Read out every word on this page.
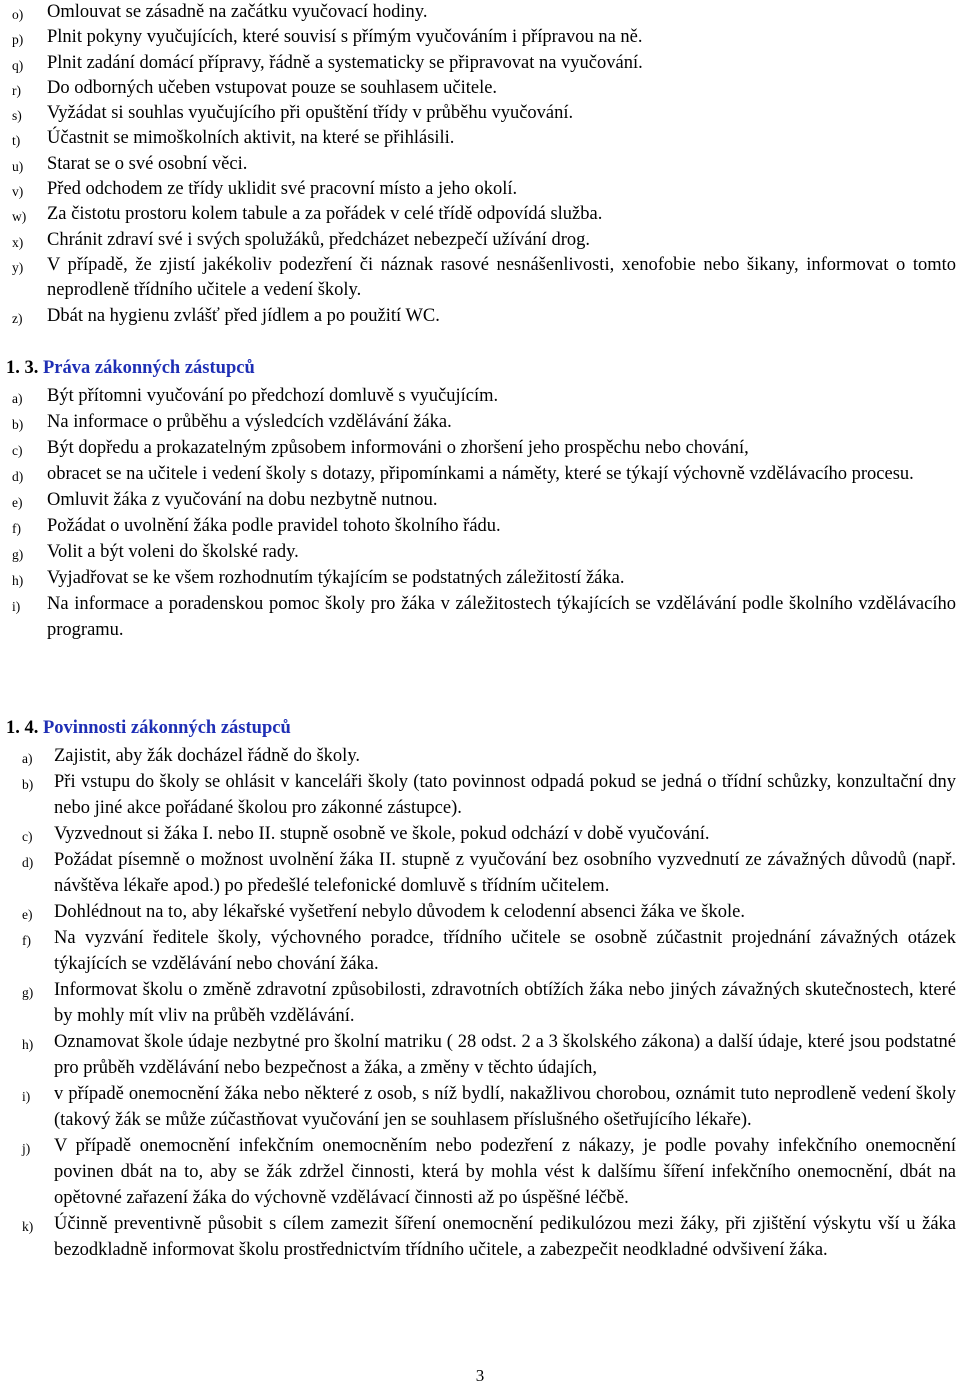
o) Omlouvat se zásadně na začátku vyučovací hodiny.
p) Plnit pokyny vyučujících, které souvisí s přímým vyučováním i přípravou na ně.
q) Plnit zadání domácí přípravy, řádně a systematicky se připravovat na vyučování.
r) Do odborných učeben vstupovat pouze se souhlasem učitele.
s) Vyžádat si souhlas vyučujícího při opuštění třídy v průběhu vyučování.
t) Účastnit se mimoškolních aktivit, na které se přihlásili.
u) Starat se o své osobní věci.
v) Před odchodem ze třídy uklidit své pracovní místo a jeho okolí.
w) Za čistotu prostoru kolem tabule a za pořádek v celé třídě odpovídá služba.
x) Chránit zdraví své i svých spolužáků, předcházet nebezpečí užívání drog.
y) V případě, že zjistí jakékoliv podezření či náznak rasové nesnášenlivosti, xenofobie nebo šikany, informovat o tomto neprodleně třídního učitele a vedení školy.
z) Dbát na hygienu zvlášť před jídlem a po použití WC.
1. 3. Práva zákonných zástupců
a) Být přítomni vyučování po předchozí domluvě s vyučujícím.
b) Na informace o průběhu a výsledcích vzdělávání žáka.
c) Být dopředu a prokazatelným způsobem informováni o zhoršení jeho prospěchu nebo chování,
d) obracet se na učitele i vedení školy s dotazy, připomínkami a náměty, které se týkají výchovně vzdělávacího procesu.
e) Omluvit žáka z vyučování na dobu nezbytně nutnou.
f) Požádat o uvolnění žáka podle pravidel tohoto školního řádu.
g) Volit a být voleni do školské rady.
h) Vyjadřovat se ke všem rozhodnutím týkajícím se podstatných záležitostí žáka.
i) Na informace a poradenskou pomoc školy pro žáka v záležitostech týkajících se vzdělávání podle školního vzdělávacího programu.
1. 4. Povinnosti zákonných zástupců
a) Zajistit, aby žák docházel řádně do školy.
b) Při vstupu do školy se ohlásit v kanceláři školy (tato povinnost odpadá pokud se jedná o třídní schůzky, konzultační dny nebo jiné akce pořádané školou pro zákonné zástupce).
c) Vyzvednout si žáka I. nebo II. stupně osobně ve škole, pokud odchází v době vyučování.
d) Požádat písemně o možnost uvolnění žáka II. stupně z vyučování bez osobního vyzvednutí ze závažných důvodů (např. návštěva lékaře apod.) po předešlé telefonické domluvě s třídním učitelem.
e) Dohlédnout na to, aby lékařské vyšetření nebylo důvodem k celodenní absenci žáka ve škole.
f) Na vyzvání ředitele školy, výchovného poradce, třídního učitele se osobně zúčastnit projednání závažných otázek týkajících se vzdělávání nebo chování žáka.
g) Informovat školu o změně zdravotní způsobilosti, zdravotních obtížích žáka nebo jiných závažných skutečnostech, které by mohly mít vliv na průběh vzdělávání.
h) Oznamovat škole údaje nezbytné pro školní matriku ( 28 odst. 2 a 3 školského zákona) a další údaje, které jsou podstatné pro průběh vzdělávání nebo bezpečnost a žáka, a změny v těchto údajích,
i) v případě onemocnění žáka nebo některé z osob, s níž bydlí, nakažlivou chorobou, oznámit tuto neprodleně vedení školy (takový žák se může zúčastňovat vyučování jen se souhlasem příslušného ošetřujícího lékaře).
j) V případě onemocnění infekčním onemocněním nebo podezření z nákazy, je podle povahy infekčního onemocnění povinen dbát na to, aby se žák zdržel činnosti, která by mohla vést k dalšímu šíření infekčního onemocnění, dbát na opětovné zařazení žáka do výchovně vzdělávací činnosti až po úspěšné léčbě.
k) Účinně preventivně působit s cílem zamezit šíření onemocnění pedikulózou mezi žáky, při zjištění výskytu vší u žáka bezodkladně informovat školu prostřednictvím třídního učitele, a zabezpečit neodkladné odvšivení žáka.
3
